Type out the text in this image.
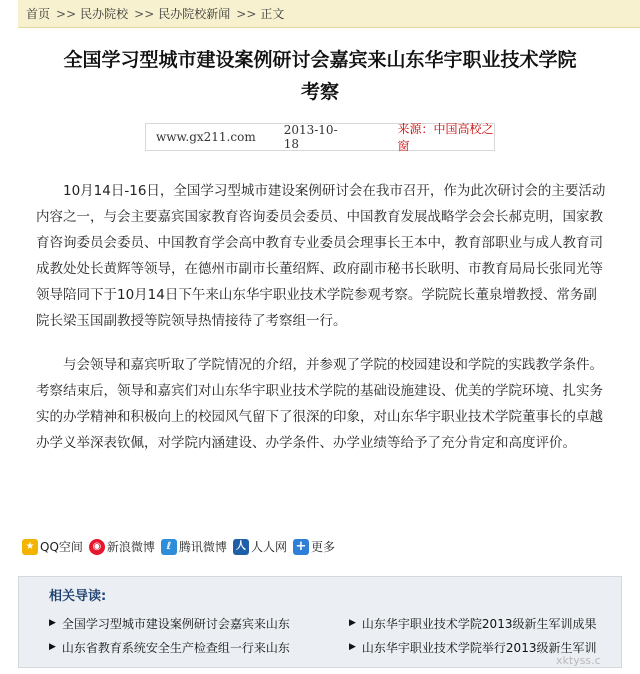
首页 >> 民办院校 >> 民办院校新闻 >> 正文
全国学习型城市建设案例研讨会嘉宾来山东华宇职业技术学院考察
www.gx211.com 2013-10-18
来源：中国高校之窗

10月14日-16日，全国学习型城市建设案例研讨会在我市召开，作为此次研讨会的主要活动内容之一，与会主要嘉宾国家教育咨询委员会委员、中国教育发展战略学会会长郝克明，国家教育咨询委员会委员、中国教育学会高中教育专业委员会理事长王本中，教育部职业与成人教育司成教处处长黄辉等领导，在德州市副市长董绍辉、政府副市秘书长耿明、市教育局局长张同光等领导陪同下于10月14日下午来山东华宇职业技术学院参观考察。学院院长董泉增教授、常务副院长梁玉国副教授等院领导热情接待了考察组一行。

与会领导和嘉宾听取了学院情况的介绍，并参观了学院的校园建设和学院的实践教学条件。考察结束后，领导和嘉宾们对山东华宇职业技术学院的基础设施建设、优美的学院环境、扎实务实的办学精神和积极向上的校园风气留下了很深的印象，对山东华宇职业技术学院董事长的卓越办学义举深表钦佩，对学院内涵建设、办学条件、办学业绩等给予了充分肯定和高度评价。

★ QQ空间 ◉ 新浪微博	ℓ 腾讯微博 人 人人网 + 更多
相关导读:
▶ 全国学习型城市建设案例研讨会嘉宾来山东	▶ 山东华宇职业技术学院2013级新生军训成果
▶ 山东省教育系统安全生产检查组一行来山东	▶ 山东华宇职业技术学院举行2013级新生军训
xktyss.c
